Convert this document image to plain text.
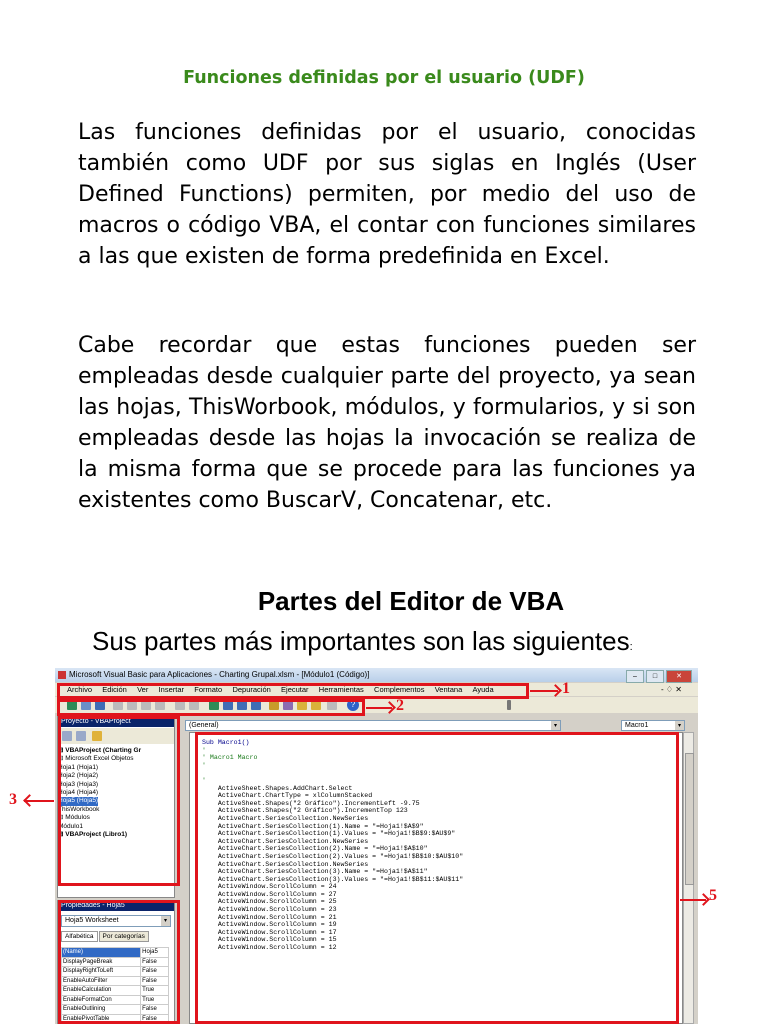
Funciones definidas por el usuario (UDF)
Las funciones definidas por el usuario, conocidas también como UDF por sus siglas en Inglés (User Defined Functions) permiten, por medio del uso de macros o código VBA, el contar con funciones similares a las que existen de forma predefinida en Excel.
Cabe recordar que estas funciones pueden ser empleadas desde cualquier parte del proyecto, ya sean las hojas, ThisWorbook, módulos, y formularios, y si son empleadas desde las hojas la invocación se realiza de la misma forma que se procede para las funciones ya existentes como BuscarV, Concatenar, etc.
Partes del Editor de VBA
Sus partes más importantes son las siguientes:
Microsoft Visual Basic para Aplicaciones - Charting Grupal.xlsm - [Módulo1 (Código)]	– □	✕
Archivo Edición Ver Insertar Formato Depuración Ejecutar Herramientas Complementos Ventana Ayuda	- ♢ ✕
?
Proyecto - VBAProject
⊟ VBAProject (Charting Gr
⊟ Microsoft Excel Objetos
Hoja1 (Hoja1)
Hoja2 (Hoja2)
Hoja3 (Hoja3)
Hoja4 (Hoja4)
Hoja5 (Hoja5)
ThisWorkbook
⊟ Módulos
Módulo1
⊞ VBAProject (Libro1)
Propiedades - Hoja5
Hoja5 Worksheet	▾
Alfabética Por categorías
(Name)	Hoja5
DisplayPageBreak	False
DisplayRightToLeft	False
EnableAutoFilter	False
EnableCalculation	True
EnableFormatCon	True
EnableOutlining	False
EnablePivotTable	False
(General)	▾	Macro1	▾
Sub Macro1()
'
' Macro1 Macro
'

'
ActiveSheet.Shapes.AddChart.Select
ActiveChart.ChartType = xlColumnStacked
ActiveSheet.Shapes("2 Gráfico").IncrementLeft -9.75
ActiveSheet.Shapes("2 Gráfico").IncrementTop 123
ActiveChart.SeriesCollection.NewSeries
ActiveChart.SeriesCollection(1).Name = "=Hoja1!$A$9"
ActiveChart.SeriesCollection(1).Values = "=Hoja1!$B$9:$AU$9"
ActiveChart.SeriesCollection.NewSeries
ActiveChart.SeriesCollection(2).Name = "=Hoja1!$A$10"
ActiveChart.SeriesCollection(2).Values = "=Hoja1!$B$10:$AU$10"
ActiveChart.SeriesCollection.NewSeries
ActiveChart.SeriesCollection(3).Name = "=Hoja1!$A$11"
ActiveChart.SeriesCollection(3).Values = "=Hoja1!$B$11:$AU$11"
ActiveWindow.ScrollColumn = 24
ActiveWindow.ScrollColumn = 27
ActiveWindow.ScrollColumn = 25
ActiveWindow.ScrollColumn = 23
ActiveWindow.ScrollColumn = 21
ActiveWindow.ScrollColumn = 19
ActiveWindow.ScrollColumn = 17
ActiveWindow.ScrollColumn = 15
ActiveWindow.ScrollColumn = 12
1
2
3
5
